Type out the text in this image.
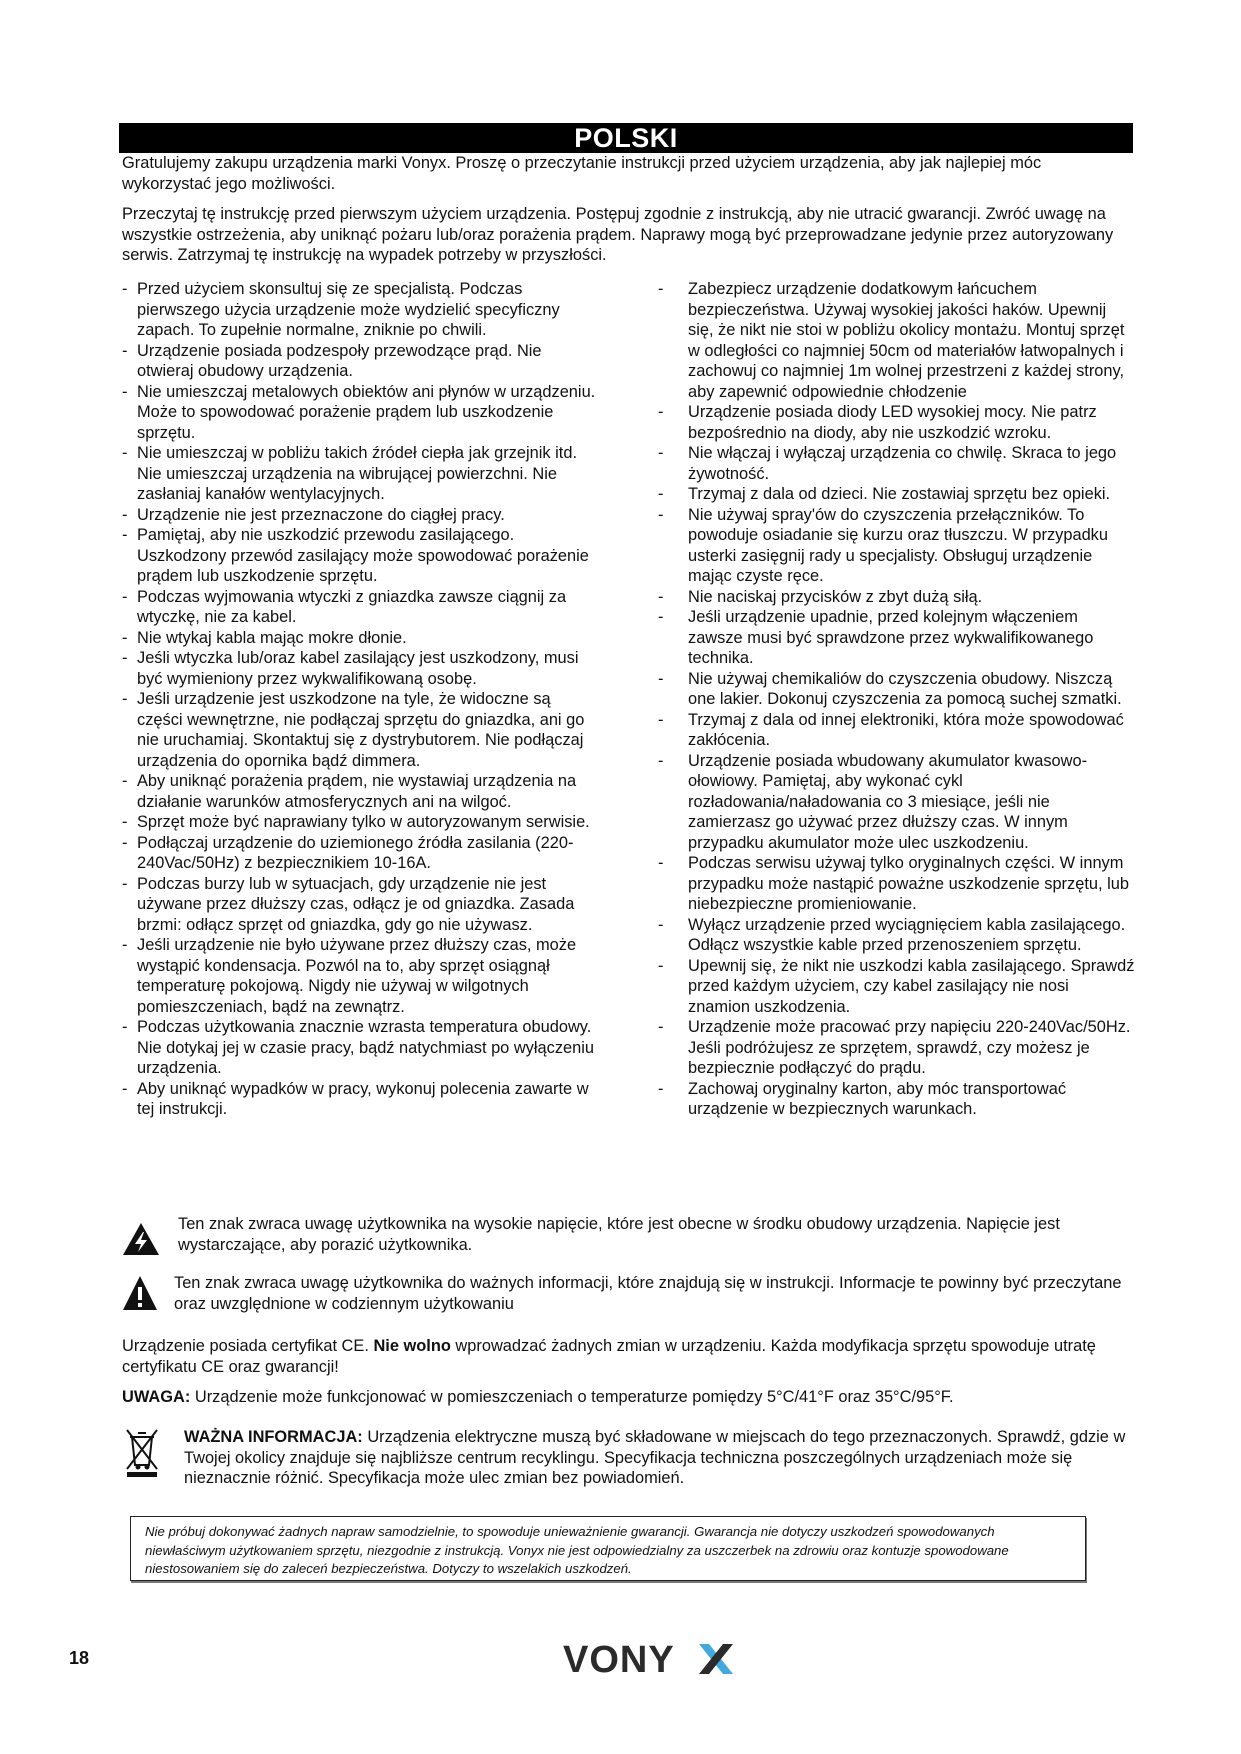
POLSKI

Gratulujemy zakupu urządzenia marki Vonyx. Proszę o przeczytanie instrukcji przed użyciem urządzenia, aby jak najlepiej móc wykorzystać jego możliwości.

Przeczytaj tę instrukcję przed pierwszym użyciem urządzenia. Postępuj zgodnie z instrukcją, aby nie utracić gwarancji. Zwróć uwagę na wszystkie ostrzeżenia, aby uniknąć pożaru lub/oraz porażenia prądem. Naprawy mogą być przeprowadzane jedynie przez autoryzowany serwis. Zatrzymaj tę instrukcję na wypadek potrzeby w przyszłości.

- Przed użyciem skonsultuj się ze specjalistą. Podczas pierwszego użycia urządzenie może wydzielić specyficzny zapach. To zupełnie normalne, zniknie po chwili.
- Urządzenie posiada podzespoły przewodzące prąd. Nie otwieraj obudowy urządzenia.
- Nie umieszczaj metalowych obiektów ani płynów w urządzeniu. Może to spowodować porażenie prądem lub uszkodzenie sprzętu.
- Nie umieszczaj w pobliżu takich źródeł ciepła jak grzejnik itd. Nie umieszczaj urządzenia na wibrującej powierzchni. Nie zasłaniaj kanałów wentylacyjnych.
- Urządzenie nie jest przeznaczone do ciągłej pracy.
- Pamiętaj, aby nie uszkodzić przewodu zasilającego. Uszkodzony przewód zasilający może spowodować porażenie prądem lub uszkodzenie sprzętu.
- Podczas wyjmowania wtyczki z gniazdka zawsze ciągnij za wtyczkę, nie za kabel.
- Nie wtykaj kabla mając mokre dłonie.
- Jeśli wtyczka lub/oraz kabel zasilający jest uszkodzony, musi być wymieniony przez wykwalifikowaną osobę.
- Jeśli urządzenie jest uszkodzone na tyle, że widoczne są części wewnętrzne, nie podłączaj sprzętu do gniazdka, ani go nie uruchamiaj. Skontaktuj się z dystrybutorem. Nie podłączaj urządzenia do opornika bądź dimmera.
- Aby uniknąć porażenia prądem, nie wystawiaj urządzenia na działanie warunków atmosferycznych ani na wilgoć.
- Sprzęt może być naprawiany tylko w autoryzowanym serwisie.
- Podłączaj urządzenie do uziemionego źródła zasilania (220-240Vac/50Hz) z bezpiecznikiem 10-16A.
- Podczas burzy lub w sytuacjach, gdy urządzenie nie jest używane przez dłuższy czas, odłącz je od gniazdka. Zasada brzmi: odłącz sprzęt od gniazdka, gdy go nie używasz.
- Jeśli urządzenie nie było używane przez dłuższy czas, może wystąpić kondensacja. Pozwól na to, aby sprzęt osiągnął temperaturę pokojową. Nigdy nie używaj w wilgotnych pomieszczeniach, bądź na zewnątrz.
- Podczas użytkowania znacznie wzrasta temperatura obudowy. Nie dotykaj jej w czasie pracy, bądź natychmiast po wyłączeniu urządzenia.
- Aby uniknąć wypadków w pracy, wykonuj polecenia zawarte w tej instrukcji.
- Zabezpiecz urządzenie dodatkowym łańcuchem bezpieczeństwa. Używaj wysokiej jakości haków. Upewnij się, że nikt nie stoi w pobliżu okolicy montażu. Montuj sprzęt w odległości co najmniej 50cm od materiałów łatwopalnych i zachowuj co najmniej 1m wolnej przestrzeni z każdej strony, aby zapewnić odpowiednie chłodzenie
- Urządzenie posiada diody LED wysokiej mocy. Nie patrz bezpośrednio na diody, aby nie uszkodzić wzroku.
- Nie włączaj i wyłączaj urządzenia co chwilę. Skraca to jego żywotność.
- Trzymaj z dala od dzieci. Nie zostawiaj sprzętu bez opieki.
- Nie używaj spray'ów do czyszczenia przełączników. To powoduje osiadanie się kurzu oraz tłuszczu. W przypadku usterki zasięgnij rady u specjalisty. Obsługuj urządzenie mając czyste ręce.
- Nie naciskaj przycisków z zbyt dużą siłą.
- Jeśli urządzenie upadnie, przed kolejnym włączeniem zawsze musi być sprawdzone przez wykwalifikowanego technika.
- Nie używaj chemikaliów do czyszczenia obudowy. Niszczą one lakier. Dokonuj czyszczenia za pomocą suchej szmatki.
- Trzymaj z dala od innej elektroniki, która może spowodować zakłócenia.
- Urządzenie posiada wbudowany akumulator kwasowo-ołowiowy. Pamiętaj, aby wykonać cykl rozładowania/naładowania co 3 miesiące, jeśli nie zamierzasz go używać przez dłuższy czas. W innym przypadku akumulator może ulec uszkodzeniu.
- Podczas serwisu używaj tylko oryginalnych części. W innym przypadku może nastąpić poważne uszkodzenie sprzętu, lub niebezpieczne promieniowanie.
- Wyłącz urządzenie przed wyciągnięciem kabla zasilającego. Odłącz wszystkie kable przed przenoszeniem sprzętu.
- Upewnij się, że nikt nie uszkodzi kabla zasilającego. Sprawdź przed każdym użyciem, czy kabel zasilający nie nosi znamion uszkodzenia.
- Urządzenie może pracować przy napięciu 220-240Vac/50Hz. Jeśli podróżujesz ze sprzętem, sprawdź, czy możesz je bezpiecznie podłączyć do prądu.
- Zachowaj oryginalny karton, aby móc transportować urządzenie w bezpiecznych warunkach.

Ten znak zwraca uwagę użytkownika na wysokie napięcie, które jest obecne w środku obudowy urządzenia. Napięcie jest wystarczające, aby porazić użytkownika.

Ten znak zwraca uwagę użytkownika do ważnych informacji, które znajdują się w instrukcji. Informacje te powinny być przeczytane oraz uwzględnione w codziennym użytkowaniu

Urządzenie posiada certyfikat CE. Nie wolno wprowadzać żadnych zmian w urządzeniu. Każda modyfikacja sprzętu spowoduje utratę certyfikatu CE oraz gwarancji!

UWAGA: Urządzenie może funkcjonować w pomieszczeniach o temperaturze pomiędzy 5°C/41°F oraz 35°C/95°F.

WAŻNA INFORMACJA: Urządzenia elektryczne muszą być składowane w miejscach do tego przeznaczonych. Sprawdź, gdzie w Twojej okolicy znajduje się najbliższe centrum recyklingu. Specyfikacja techniczna poszczególnych urządzeniach może się nieznacznie różnić. Specyfikacja może ulec zmian bez powiadomień.

Nie próbuj dokonywać żadnych napraw samodzielnie, to spowoduje unieważnienie gwarancji. Gwarancja nie dotyczy uszkodzeń spowodowanych niewłaściwym użytkowaniem sprzętu, niezgodnie z instrukcją. Vonyx nie jest odpowiedzialny za uszczerbek na zdrowiu oraz kontuzje spowodowane niestosowaniem się do zaleceń bezpieczeństwa. Dotyczy to wszelakich uszkodzeń.

18	VONY
